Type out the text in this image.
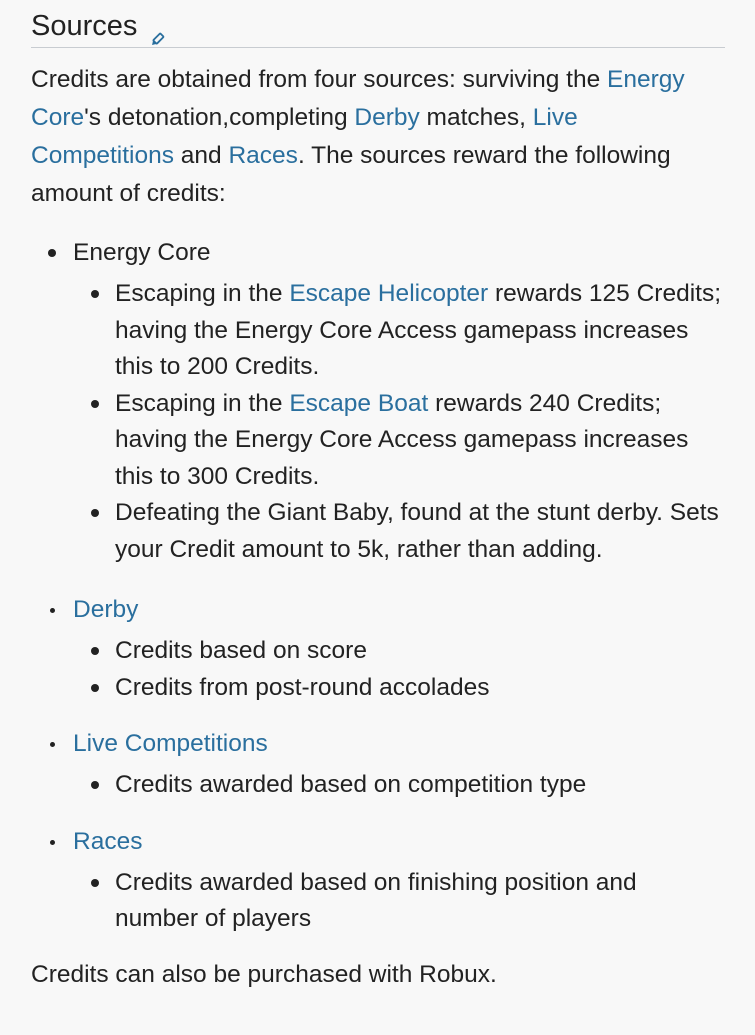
Sources

Credits are obtained from four sources: surviving the Energy Core's detonation,completing Derby matches, Live Competitions and Races. The sources reward the following amount of credits:

Energy Core
Escaping in the Escape Helicopter rewards 125 Credits; having the Energy Core Access gamepass increases this to 200 Credits.
Escaping in the Escape Boat rewards 240 Credits; having the Energy Core Access gamepass increases this to 300 Credits.
Defeating the Giant Baby, found at the stunt derby. Sets your Credit amount to 5k, rather than adding.
Derby
Credits based on score
Credits from post-round accolades
Live Competitions
Credits awarded based on competition type
Races
Credits awarded based on finishing position and number of players

Credits can also be purchased with Robux.
